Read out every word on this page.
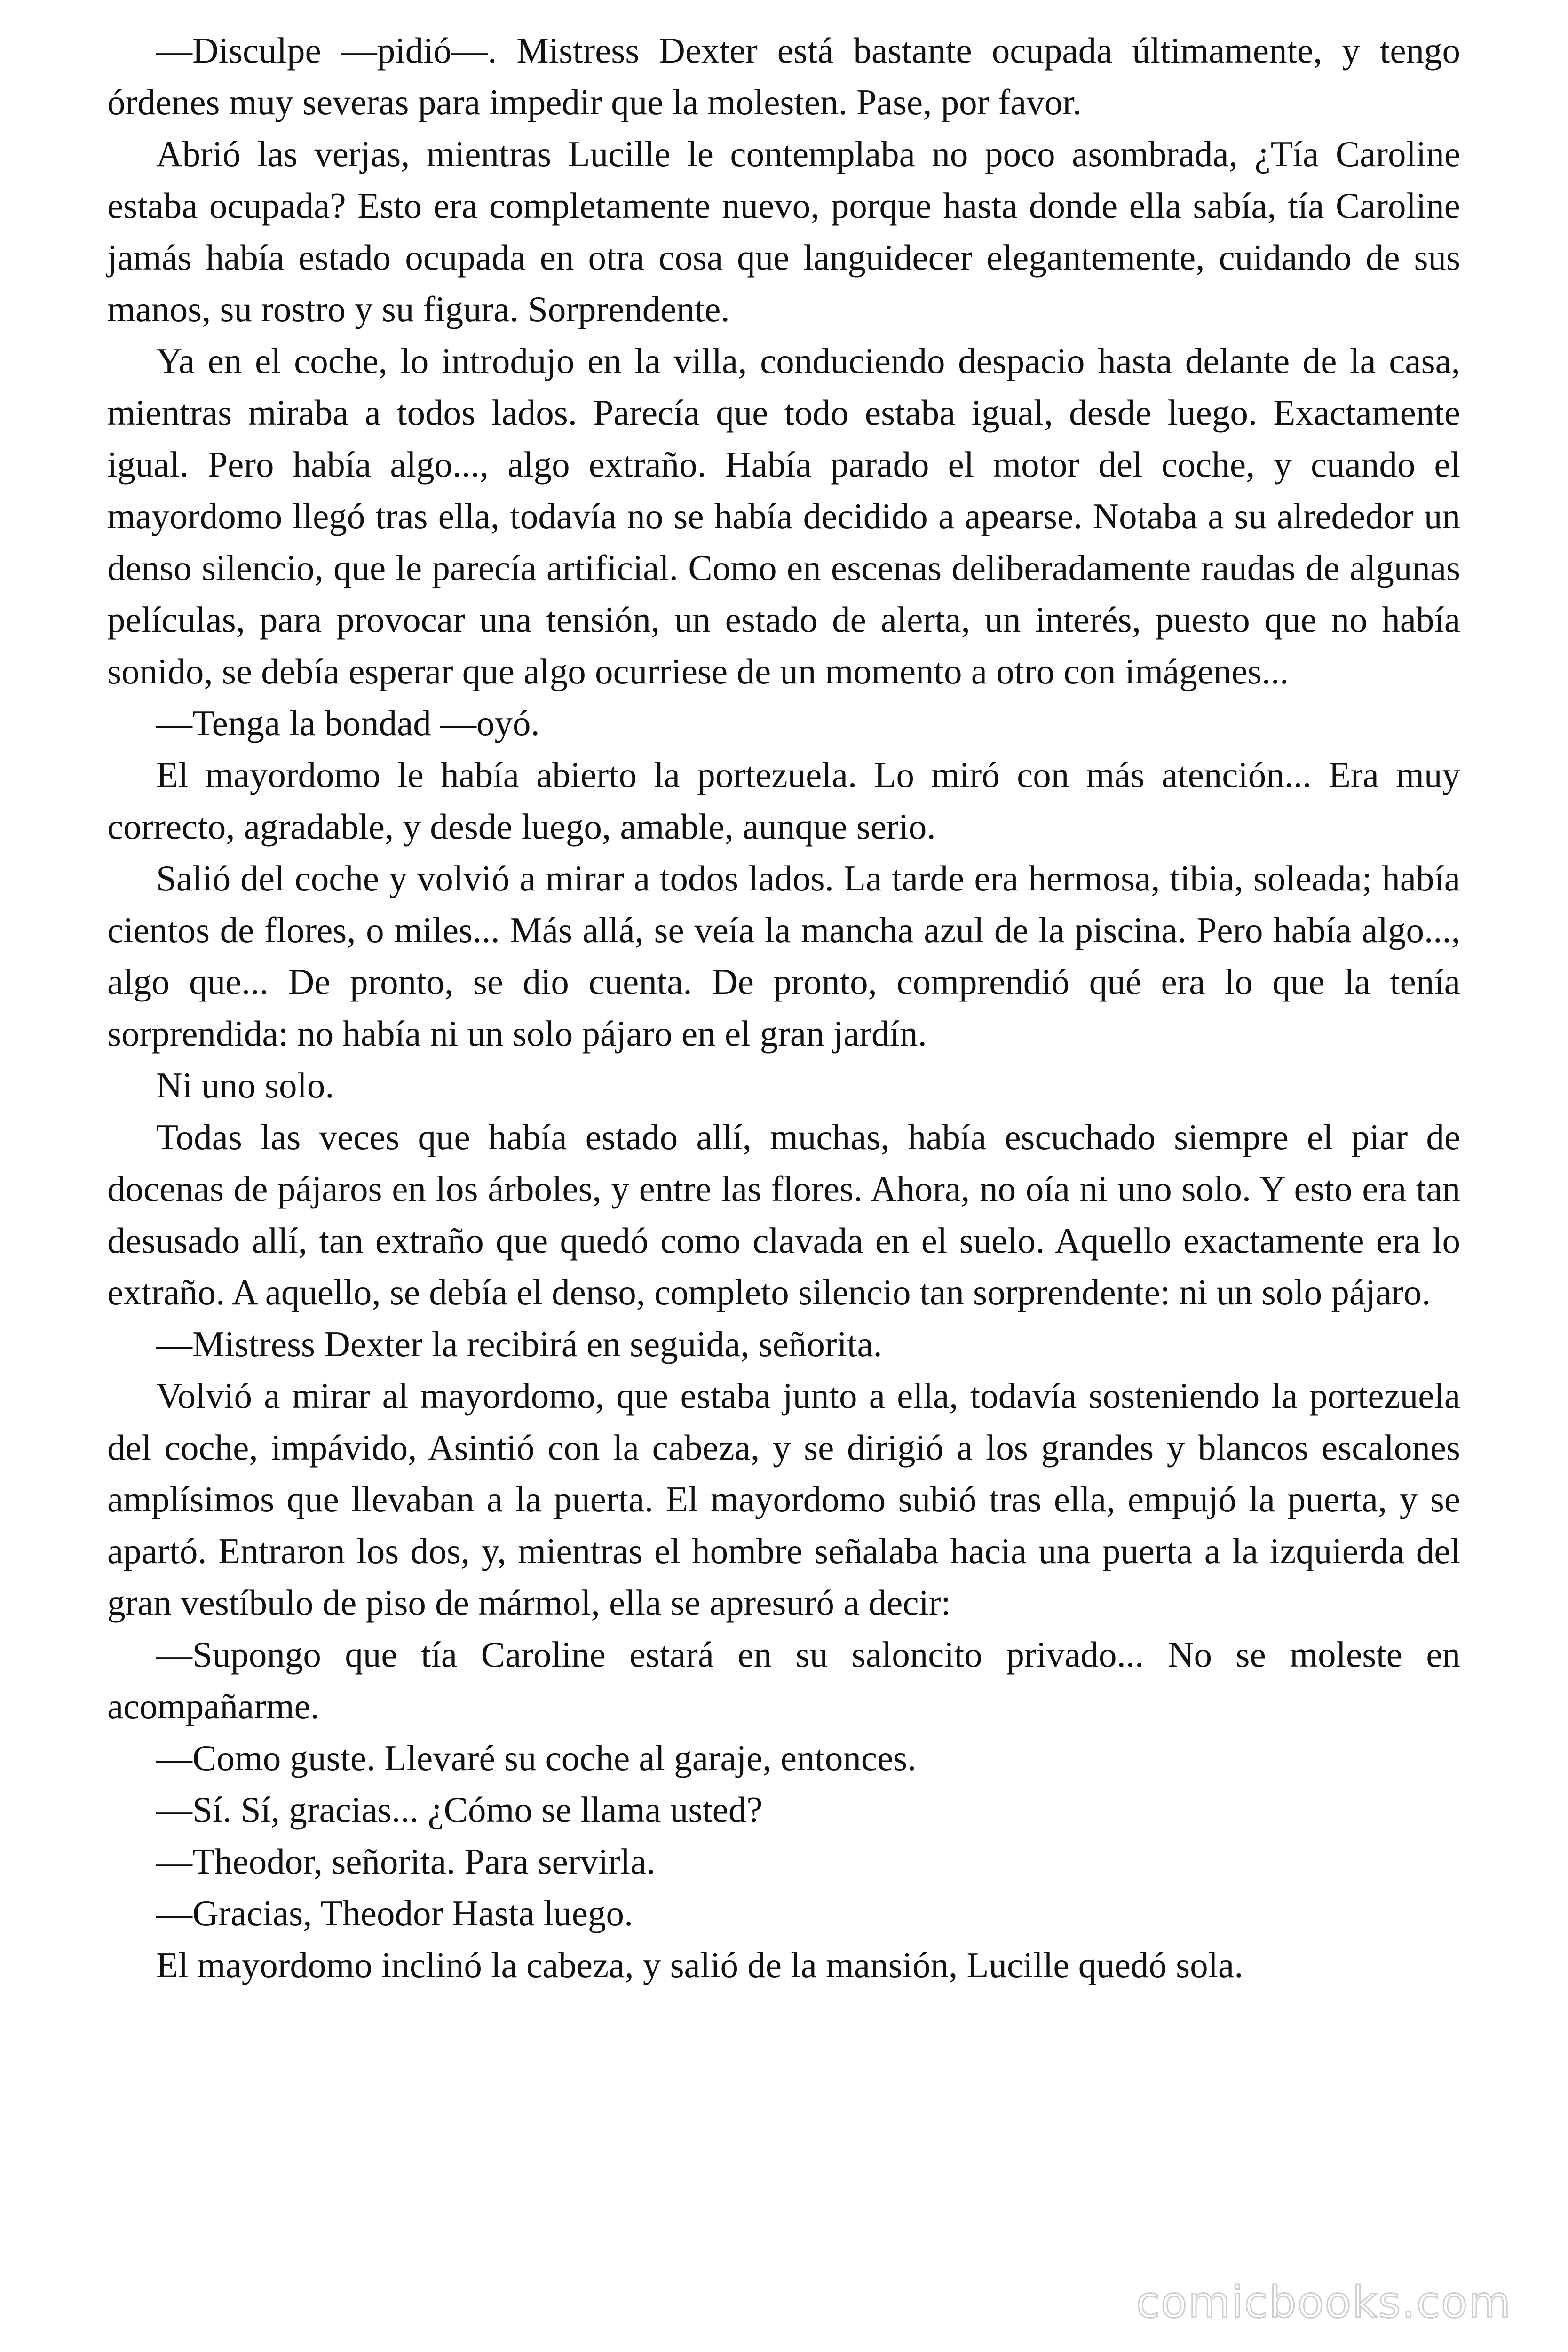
—Disculpe —pidió—. Mistress Dexter está bastante ocupada últimamente, y tengo órdenes muy severas para impedir que la molesten. Pase, por favor.

Abrió las verjas, mientras Lucille le contemplaba no poco asombrada, ¿Tía Caroline estaba ocupada? Esto era completamente nuevo, porque hasta donde ella sabía, tía Caroline jamás había estado ocupada en otra cosa que languidecer elegantemente, cuidando de sus manos, su rostro y su figura. Sorprendente.

Ya en el coche, lo introdujo en la villa, conduciendo despacio hasta delante de la casa, mientras miraba a todos lados. Parecía que todo estaba igual, desde luego. Exactamente igual. Pero había algo..., algo extraño. Había parado el motor del coche, y cuando el mayordomo llegó tras ella, todavía no se había decidido a apearse. Notaba a su alrededor un denso silencio, que le parecía artificial. Como en escenas deliberadamente raudas de algunas películas, para provocar una tensión, un estado de alerta, un interés, puesto que no había sonido, se debía esperar que algo ocurriese de un momento a otro con imágenes...

—Tenga la bondad —oyó.

El mayordomo le había abierto la portezuela. Lo miró con más atención... Era muy correcto, agradable, y desde luego, amable, aunque serio.

Salió del coche y volvió a mirar a todos lados. La tarde era hermosa, tibia, soleada; había cientos de flores, o miles... Más allá, se veía la mancha azul de la piscina. Pero había algo..., algo que... De pronto, se dio cuenta. De pronto, comprendió qué era lo que la tenía sorprendida: no había ni un solo pájaro en el gran jardín.

Ni uno solo.

Todas las veces que había estado allí, muchas, había escuchado siempre el piar de docenas de pájaros en los árboles, y entre las flores. Ahora, no oía ni uno solo. Y esto era tan desusado allí, tan extraño que quedó como clavada en el suelo. Aquello exactamente era lo extraño. A aquello, se debía el denso, completo silencio tan sorprendente: ni un solo pájaro.

—Mistress Dexter la recibirá en seguida, señorita.

Volvió a mirar al mayordomo, que estaba junto a ella, todavía sosteniendo la portezuela del coche, impávido, Asintió con la cabeza, y se dirigió a los grandes y blancos escalones amplísimos que llevaban a la puerta. El mayordomo subió tras ella, empujó la puerta, y se apartó. Entraron los dos, y, mientras el hombre señalaba hacia una puerta a la izquierda del gran vestíbulo de piso de mármol, ella se apresuró a decir:

—Supongo que tía Caroline estará en su saloncito privado... No se moleste en acompañarme.

—Como guste. Llevaré su coche al garaje, entonces.

—Sí. Sí, gracias... ¿Cómo se llama usted?

—Theodor, señorita. Para servirla.

—Gracias, Theodor Hasta luego.

El mayordomo inclinó la cabeza, y salió de la mansión, Lucille quedó sola.

comicbooks.com
